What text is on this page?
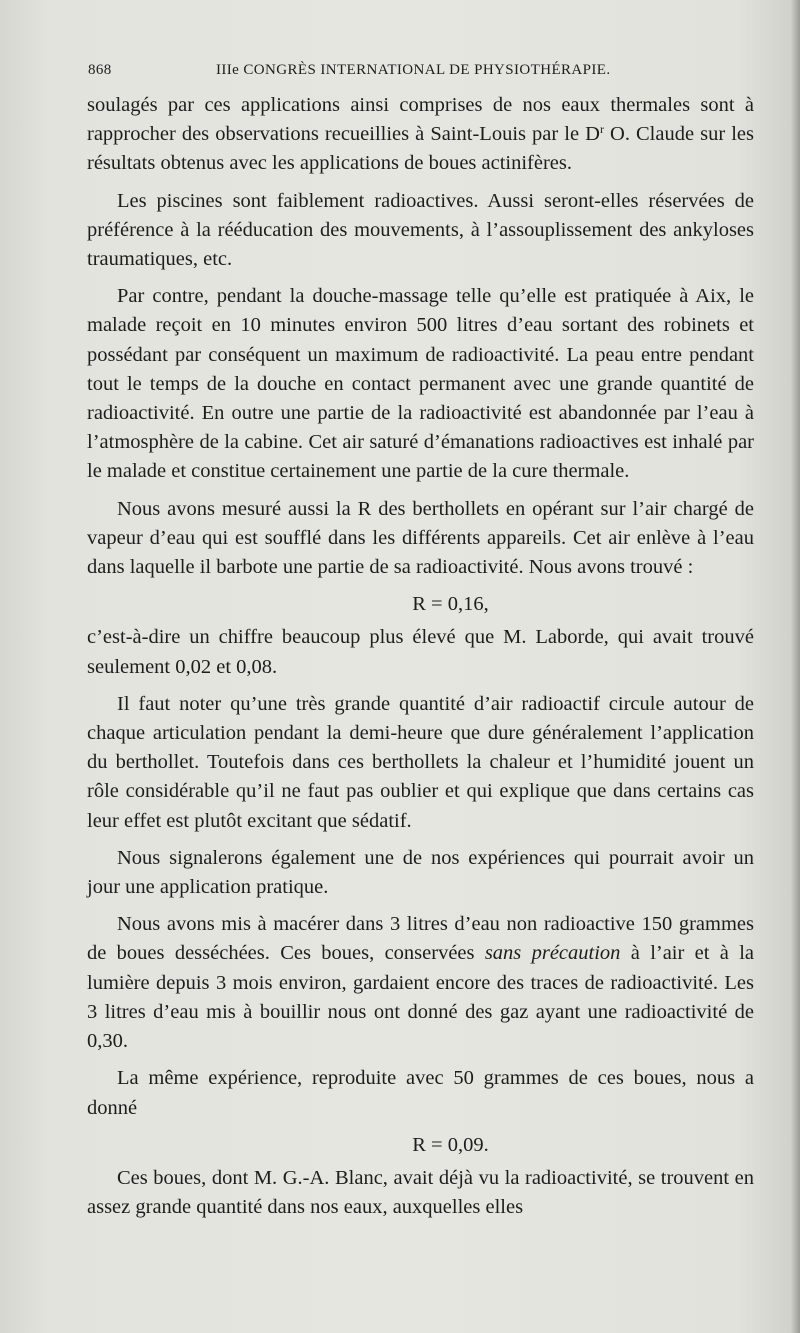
868	IIIe CONGRÈS INTERNATIONAL DE PHYSIOTHÉRAPIE.

soulagés par ces applications ainsi comprises de nos eaux thermales sont à rapprocher des observations recueillies à Saint-Louis par le $D^r$ O. Claude sur les résultats obtenus avec les applications de boues actinifères.

Les piscines sont faiblement radioactives. Aussi seront-elles réservées de préférence à la rééducation des mouvements, à l’assouplissement des ankyloses traumatiques, etc.

Par contre, pendant la douche-massage telle qu’elle est pratiquée à Aix, le malade reçoit en 10 minutes environ 500 litres d’eau sortant des robinets et possédant par conséquent un maximum de radioactivité. La peau entre pendant tout le temps de la douche en contact permanent avec une grande quantité de radioactivité. En outre une partie de la radioactivité est abandonnée par l’eau à l’atmosphère de la cabine. Cet air saturé d’émanations radioactives est inhalé par le malade et constitue certainement une partie de la cure thermale.

Nous avons mesuré aussi la R des berthollets en opérant sur l’air chargé de vapeur d’eau qui est soufflé dans les différents appareils. Cet air enlève à l’eau dans laquelle il barbote une partie de sa radioactivité. Nous avons trouvé :

R = 0,16,

c’est-à-dire un chiffre beaucoup plus élevé que M. Laborde, qui avait trouvé seulement 0,02 et 0,08.

Il faut noter qu’une très grande quantité d’air radioactif circule autour de chaque articulation pendant la demi-heure que dure généralement l’application du berthollet. Toutefois dans ces berthollets la chaleur et l’humidité jouent un rôle considérable qu’il ne faut pas oublier et qui explique que dans certains cas leur effet est plutôt excitant que sédatif.

Nous signalerons également une de nos expériences qui pourrait avoir un jour une application pratique.

Nous avons mis à macérer dans 3 litres d’eau non radioactive 150 grammes de boues desséchées. Ces boues, conservées sans précaution à l’air et à la lumière depuis 3 mois environ, gardaient encore des traces de radioactivité. Les 3 litres d’eau mis à bouillir nous ont donné des gaz ayant une radioactivité de 0,30.

La même expérience, reproduite avec 50 grammes de ces boues, nous a donné

R = 0,09.

Ces boues, dont M. G.-A. Blanc, avait déjà vu la radioactivité, se trouvent en assez grande quantité dans nos eaux, auxquelles elles
